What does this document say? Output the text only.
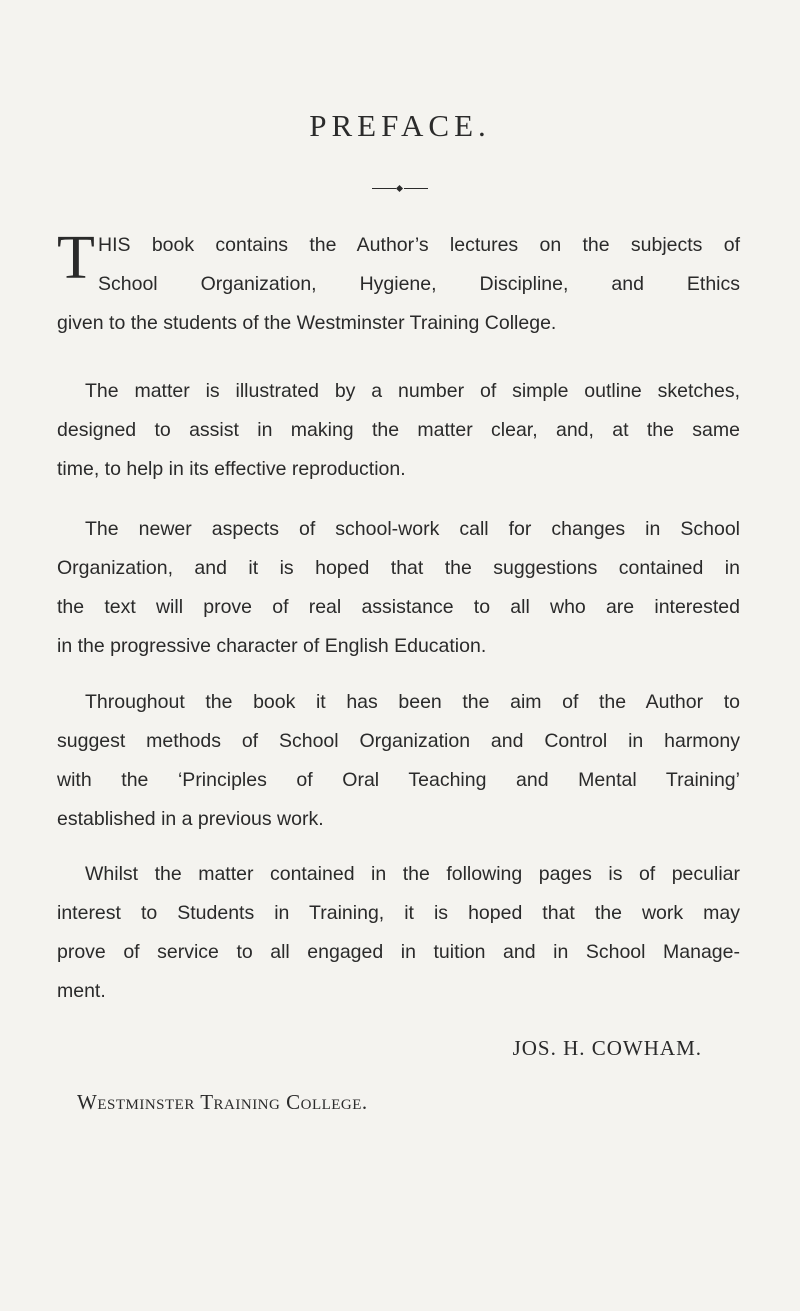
PREFACE.
T HIS book contains the Author’s lectures on the subjects of
School Organization, Hygiene, Discipline, and Ethics
given to the students of the Westminster Training College.
The matter is illustrated by a number of simple outline sketches,
designed to assist in making the matter clear, and, at the same
time, to help in its effective reproduction.
The newer aspects of school-work call for changes in School
Organization, and it is hoped that the suggestions contained in
the text will prove of real assistance to all who are interested
in the progressive character of English Education.
Throughout the book it has been the aim of the Author to
suggest methods of School Organization and Control in harmony
with the ‘Principles of Oral Teaching and Mental Training’
established in a previous work.
Whilst the matter contained in the following pages is of peculiar
interest to Students in Training, it is hoped that the work may
prove of service to all engaged in tuition and in School Manage-
ment.
JOS. H. COWHAM.
Westminster Training College.
